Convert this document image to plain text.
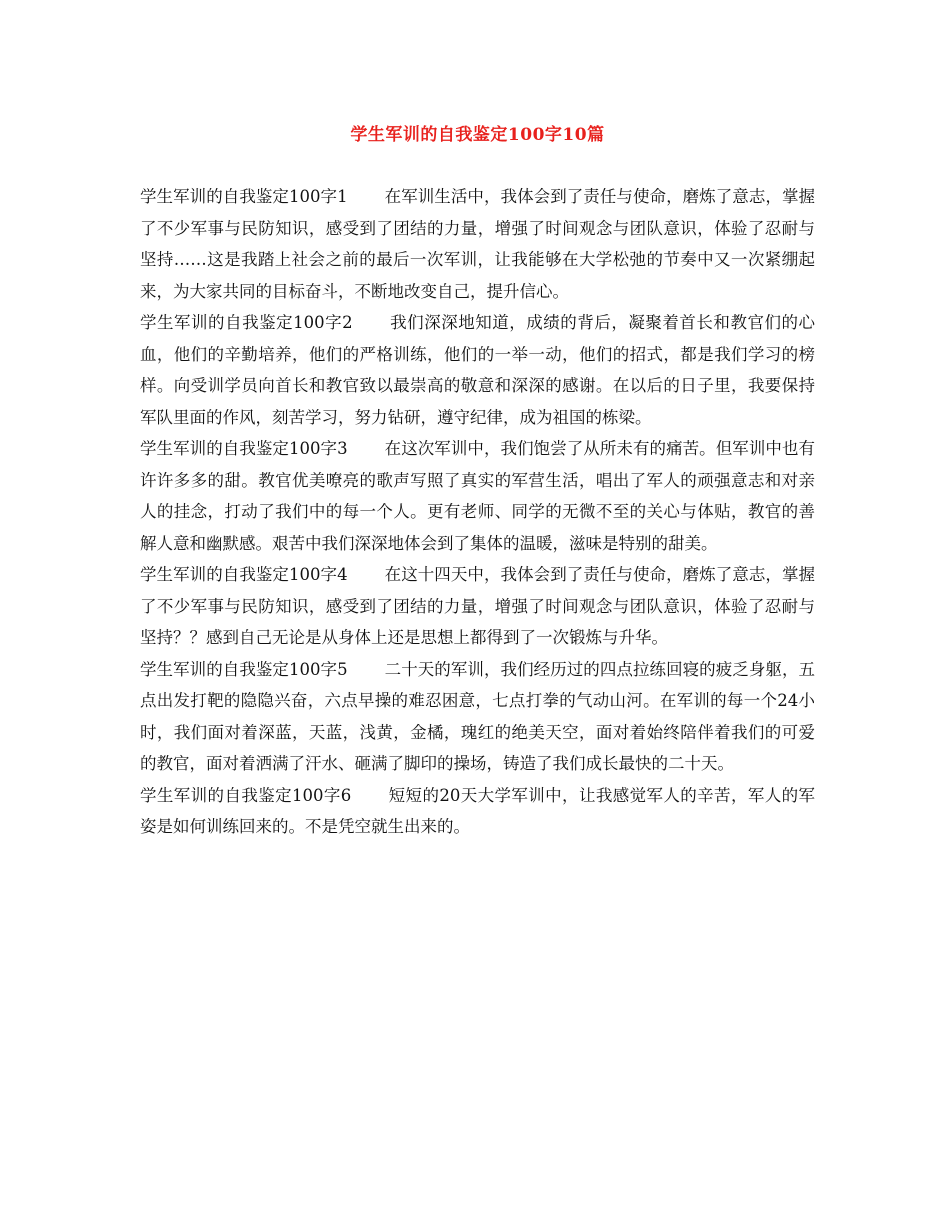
学生军训的自我鉴定100字10篇

学生军训的自我鉴定100字1 在军训生活中，我体会到了责任与使命，磨炼了意志，掌握了不少军事与民防知识，感受到了团结的力量，增强了时间观念与团队意识，体验了忍耐与坚持……这是我踏上社会之前的最后一次军训，让我能够在大学松弛的节奏中又一次紧绷起来，为大家共同的目标奋斗，不断地改变自己，提升信心。

学生军训的自我鉴定100字2 我们深深地知道，成绩的背后，凝聚着首长和教官们的心血，他们的辛勤培养，他们的严格训练，他们的一举一动，他们的招式，都是我们学习的榜样。向受训学员向首长和教官致以最崇高的敬意和深深的感谢。在以后的日子里，我要保持军队里面的作风，刻苦学习，努力钻研，遵守纪律，成为祖国的栋梁。

学生军训的自我鉴定100字3 在这次军训中，我们饱尝了从所未有的痛苦。但军训中也有许许多多的甜。教官优美嘹亮的歌声写照了真实的军营生活，唱出了军人的顽强意志和对亲人的挂念，打动了我们中的每一个人。更有老师、同学的无微不至的关心与体贴，教官的善解人意和幽默感。艰苦中我们深深地体会到了集体的温暖，滋味是特别的甜美。

学生军训的自我鉴定100字4 在这十四天中，我体会到了责任与使命，磨炼了意志，掌握了不少军事与民防知识，感受到了团结的力量，增强了时间观念与团队意识，体验了忍耐与坚持？？感到自己无论是从身体上还是思想上都得到了一次锻炼与升华。

学生军训的自我鉴定100字5 二十天的军训，我们经历过的四点拉练回寝的疲乏身躯，五点出发打靶的隐隐兴奋，六点早操的难忍困意，七点打拳的气动山河。在军训的每一个24小时，我们面对着深蓝，天蓝，浅黄，金橘，瑰红的绝美天空，面对着始终陪伴着我们的可爱的教官，面对着洒满了汗水、砸满了脚印的操场，铸造了我们成长最快的二十天。

学生军训的自我鉴定100字6 短短的20天大学军训中，让我感觉军人的辛苦，军人的军姿是如何训练回来的。不是凭空就生出来的。
